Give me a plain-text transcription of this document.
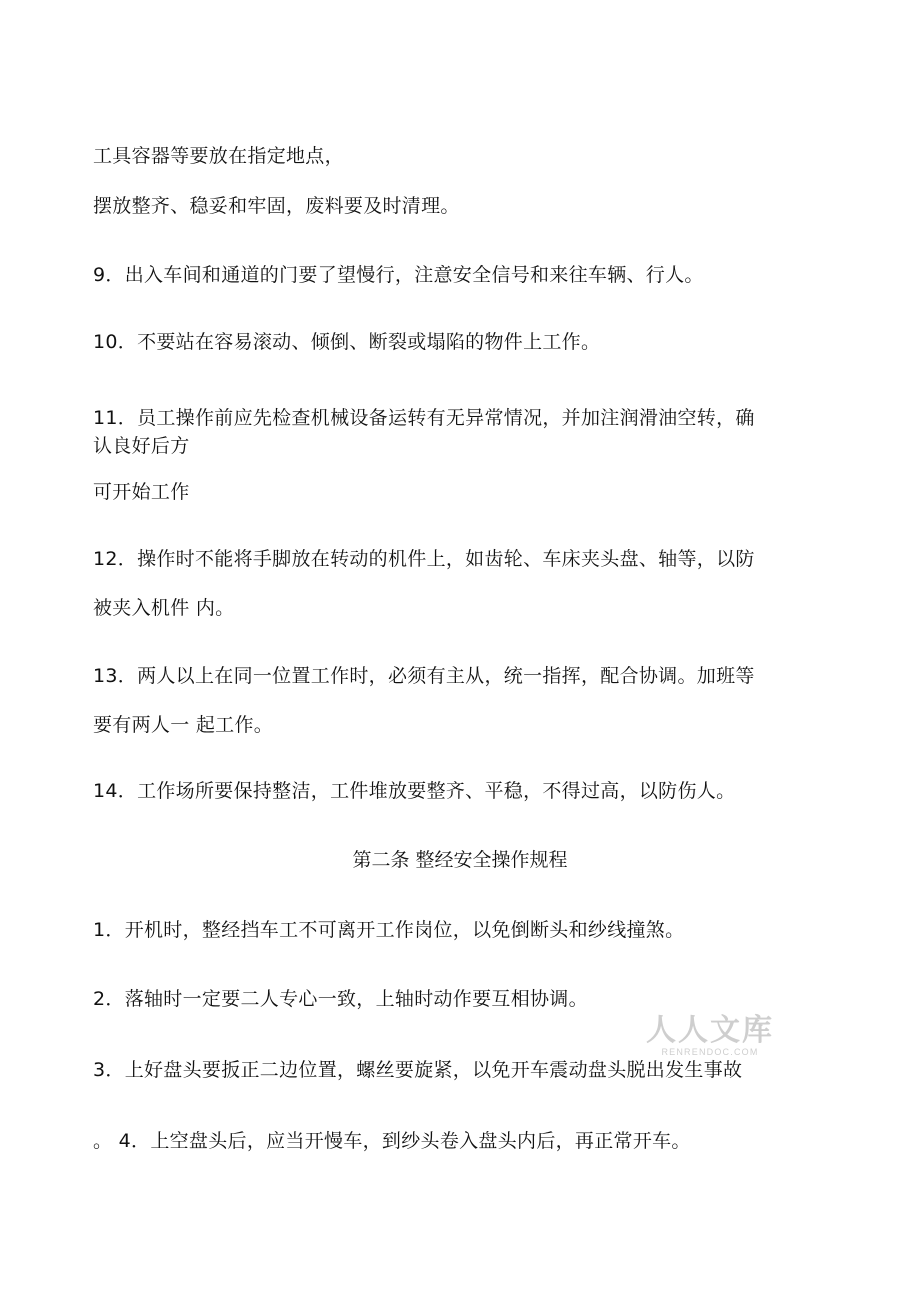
工具容器等要放在指定地点，

摆放整齐、稳妥和牢固，废料要及时清理。

9．出入车间和通道的门要了望慢行，注意安全信号和来往车辆、行人。

10．不要站在容易滚动、倾倒、断裂或塌陷的物件上工作。

11．员工操作前应先检查机械设备运转有无异常情况，并加注润滑油空转，确

认良好后方

可开始工作

12．操作时不能将手脚放在转动的机件上，如齿轮、车床夹头盘、轴等，以防

被夹入机件 内。

13．两人以上在同一位置工作时，必须有主从，统一指挥，配合协调。加班等

要有两人一 起工作。

14．工作场所要保持整洁，工件堆放要整齐、平稳，不得过高，以防伤人。

第二条 整经安全操作规程

1．开机时，整经挡车工不可离开工作岗位，以免倒断头和纱线撞煞。

2．落轴时一定要二人专心一致，上轴时动作要互相协调。

3．上好盘头要扳正二边位置，螺丝要旋紧，以免开车震动盘头脱出发生事故

。 4．上空盘头后，应当开慢车，到纱头卷入盘头内后，再正常开车。

人人文库
RENRENDOC.COM
